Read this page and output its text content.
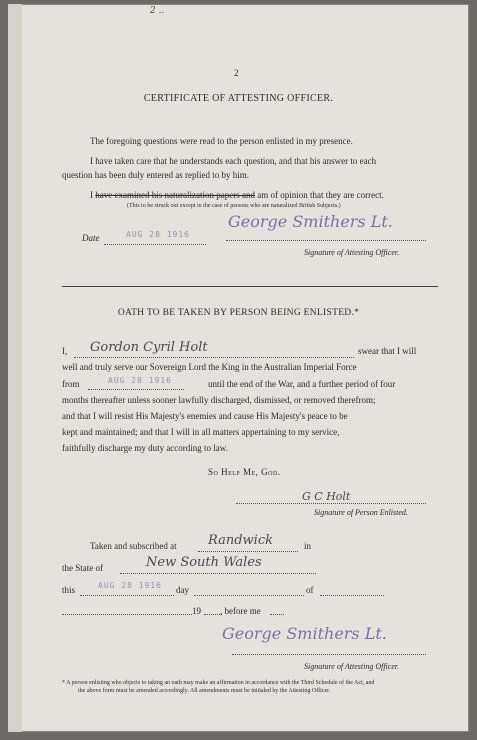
2 ..
2
CERTIFICATE OF ATTESTING OFFICER.
The foregoing questions were read to the person enlisted in my presence.
I have taken care that he understands each question, and that his answer to each
question has been duly entered as replied to by him.
I have examined his naturalization papers and am of opinion that they are correct.
(This to be struck out except in the case of persons who are naturalized British Subjects.)
Date	AUG 28 1916
George Smithers Lt.
Signature of Attesting Officer.
OATH TO BE TAKEN BY PERSON BEING ENLISTED.*
I, Gordon Cyril Holt	swear that I will
well and truly serve our Sovereign Lord the King in the Australian Imperial Force
from	AUG 28 1916	until the end of the War, and a further period of four
months thereafter unless sooner lawfully discharged, dismissed, or removed therefrom;
and that I will resist His Majesty's enemies and cause His Majesty's peace to be
kept and maintained; and that I will in all matters appertaining to my service,
faithfully discharge my duty according to law.
So Help Me, God.
G C Holt
Signature of Person Enlisted.
Taken and subscribed at Randwick	in
the State of	New South Wales
this	AUG 28 1916 day	of
19 , before me
George Smithers Lt.
Signature of Attesting Officer.
* A person enlisting who objects to taking an oath may make an affirmation in accordance with the Third Schedule of the Act, and
the above form must be amended accordingly. All amendments must be initialed by the Attesting Officer.
